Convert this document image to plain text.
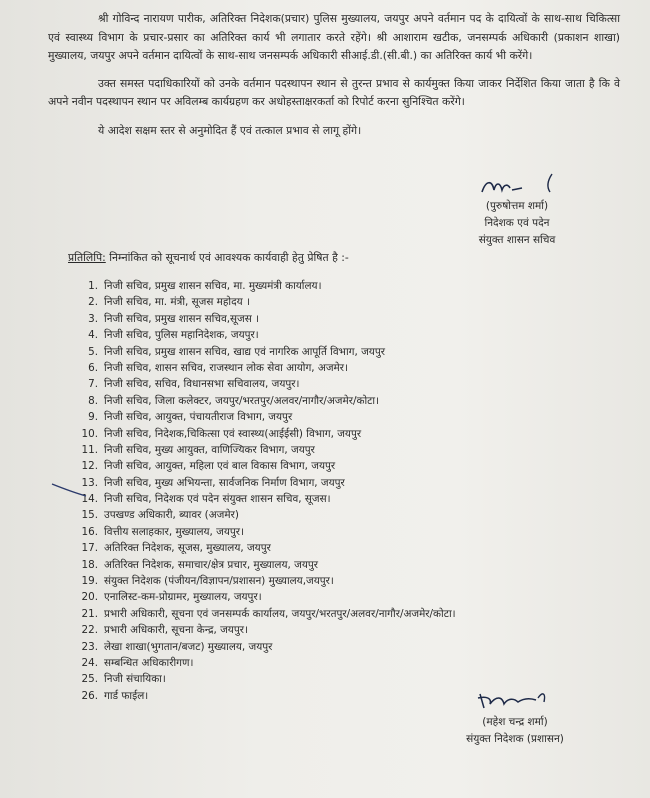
श्री गोविन्द नारायण पारीक, अतिरिक्त निदेशक(प्रचार) पुलिस मुख्यालय, जयपुर अपने वर्तमान पद के दायित्वों के साथ-साथ चिकित्सा एवं स्वास्थ्य विभाग के प्रचार-प्रसार का अतिरिक्त कार्य भी लगातार करते रहेंगे। श्री आशाराम खटीक, जनसम्पर्क अधिकारी (प्रकाशन शाखा) मुख्यालय, जयपुर अपने वर्तमान दायित्वों के साथ-साथ जनसम्पर्क अधिकारी सीआई.डी.(सी.बी.) का अतिरिक्त कार्य भी करेंगे।

उक्त समस्त पदाधिकारियों को उनके वर्तमान पदस्थापन स्थान से तुरन्त प्रभाव से कार्यमुक्त किया जाकर निर्देशित किया जाता है कि वे अपने नवीन पदस्थापन स्थान पर अविलम्ब कार्यग्रहण कर अधोहस्ताक्षरकर्ता को रिपोर्ट करना सुनिश्चित करेंगे।

ये आदेश सक्षम स्तर से अनुमोदित हैं एवं तत्काल प्रभाव से लागू होंगे।

(पुरुषोत्तम शर्मा)
निदेशक एवं पदेन
संयुक्त शासन सचिव
प्रतिलिपि: निम्नांकित को सूचनार्थ एवं आवश्यक कार्यवाही हेतु प्रेषित है :-
1. निजी सचिव, प्रमुख शासन सचिव, मा. मुख्यमंत्री कार्यालय।
2. निजी सचिव, मा. मंत्री, सूजस महोदय ।
3. निजी सचिव, प्रमुख शासन सचिव,सूजस ।
4. निजी सचिव, पुलिस महानिदेशक, जयपुर।
5. निजी सचिव, प्रमुख शासन सचिव, खाद्य एवं नागरिक आपूर्ति विभाग, जयपुर
6. निजी सचिव, शासन सचिव, राजस्थान लोक सेवा आयोग, अजमेर।
7. निजी सचिव, सचिव, विधानसभा सचिवालय, जयपुर।
8. निजी सचिव, जिला कलेक्टर, जयपुर/भरतपुर/अलवर/नागौर/अजमेर/कोटा।
9. निजी सचिव, आयुक्त, पंचायतीराज विभाग, जयपुर
10. निजी सचिव, निदेशक,चिकित्सा एवं स्वास्थ्य(आईईसी) विभाग, जयपुर
11. निजी सचिव, मुख्य आयुक्त, वाणिज्यिकर विभाग, जयपुर
12. निजी सचिव, आयुक्त, महिला एवं बाल विकास विभाग, जयपुर
13. निजी सचिव, मुख्य अभियन्ता, सार्वजनिक निर्माण विभाग, जयपुर
14. निजी सचिव, निदेशक एवं पदेन संयुक्त शासन सचिव, सूजस।
15. उपखण्ड अधिकारी, ब्यावर (अजमेर)
16. वित्तीय सलाहकार, मुख्यालय, जयपुर।
17. अतिरिक्त निदेशक, सूजस, मुख्यालय, जयपुर
18. अतिरिक्त निदेशक, समाचार/क्षेत्र प्रचार, मुख्यालय, जयपुर
19. संयुक्त निदेशक (पंजीयन/विज्ञापन/प्रशासन) मुख्यालय,जयपुर।
20. एनालिस्ट-कम-प्रोग्रामर, मुख्यालय, जयपुर।
21. प्रभारी अधिकारी, सूचना एवं जनसम्पर्क कार्यालय, जयपुर/भरतपुर/अलवर/नागौर/अजमेर/कोटा।
22. प्रभारी अधिकारी, सूचना केन्द्र, जयपुर।
23. लेखा शाखा(भुगतान/बजट) मुख्यालय, जयपुर
24. सम्बन्धित अधिकारीगण।
25. निजी संचायिका।
26. गार्ड फाईल।
(महेश चन्द्र शर्मा)
संयुक्त निदेशक (प्रशासन)
